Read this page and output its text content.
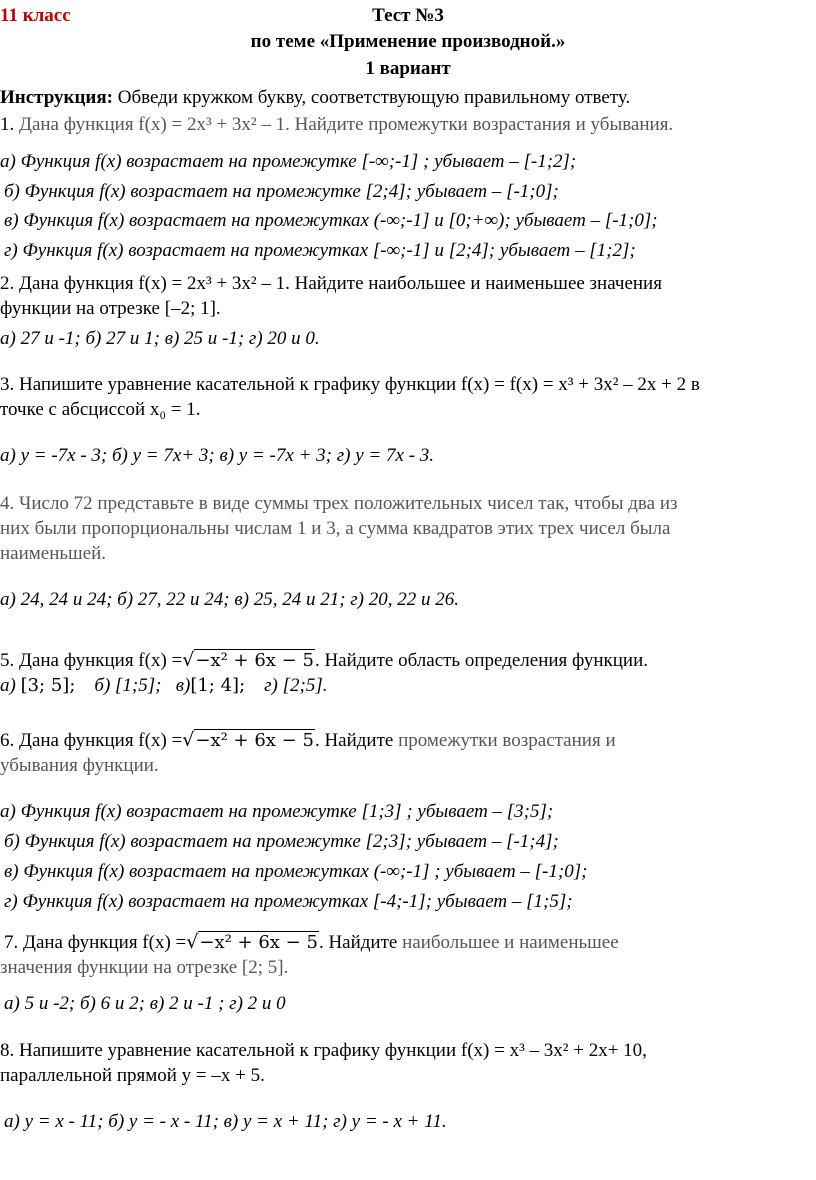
11 класс	Тест №3
по теме «Применение производной.»
1 вариант
Инструкция: Обведи кружком букву, соответствующую правильному ответу.
1. Дана функция f(x) = 2x³ + 3x² – 1. Найдите промежутки возрастания и убывания.
а) Функция f(x) возрастает на промежутке [-∞;-1] ; убывает – [-1;2];
б) Функция f(x) возрастает на промежутке [2;4]; убывает – [-1;0];
в) Функция f(x) возрастает на промежутках (-∞;-1] и [0;+∞); убывает – [-1;0];
г) Функция f(x) возрастает на промежутках [-∞;-1] и [2;4]; убывает – [1;2];
2. Дана функция f(x) = 2x³ + 3x² – 1. Найдите наибольшее и наименьшее значения
функции на отрезке [–2; 1].
а) 27 и -1; б) 27 и 1; в) 25 и -1; г) 20 и 0.
3. Напишите уравнение касательной к графику функции f(x) = f(x) = x³ + 3x² – 2x + 2 в
точке с абсциссой x₀ = 1.
а) y = -7x - 3; б) y = 7x+ 3; в) y = -7x + 3; г) y = 7x - 3.
4. Число 72 представьте в виде суммы трех положительных чисел так, чтобы два из
них были пропорциональны числам 1 и 3, а сумма квадратов этих трех чисел была
наименьшей.
а) 24, 24 и 24; б) 27, 22 и 24; в) 25, 24 и 21; г) 20, 22 и 26.
5. Дана функция f(x) =√−x² + 6x − 5. Найдите область определения функции.
а) [3; 5]; б) [1;5];   в)[1; 4]; г) [2;5].
6. Дана функция f(x) =√−x² + 6x − 5. Найдите промежутки возрастания и
убывания функции.
а) Функция f(x) возрастает на промежутке [1;3] ; убывает – [3;5];
б) Функция f(x) возрастает на промежутке [2;3]; убывает – [-1;4];
в) Функция f(x) возрастает на промежутках (-∞;-1] ; убывает – [-1;0];
г) Функция f(x) возрастает на промежутках [-4;-1]; убывает – [1;5];
7. Дана функция f(x) =√−x² + 6x − 5. Найдите наибольшее и наименьшее
значения функции на отрезке [2; 5].
а) 5 и -2; б) 6 и 2; в) 2 и -1 ; г) 2 и 0
8. Напишите уравнение касательной к графику функции f(x) = x³ – 3x² + 2x+ 10,
параллельной прямой y = –x + 5.
а) y = x - 11; б) y = - x - 11; в) y = x + 11; г) y = - x + 11.
